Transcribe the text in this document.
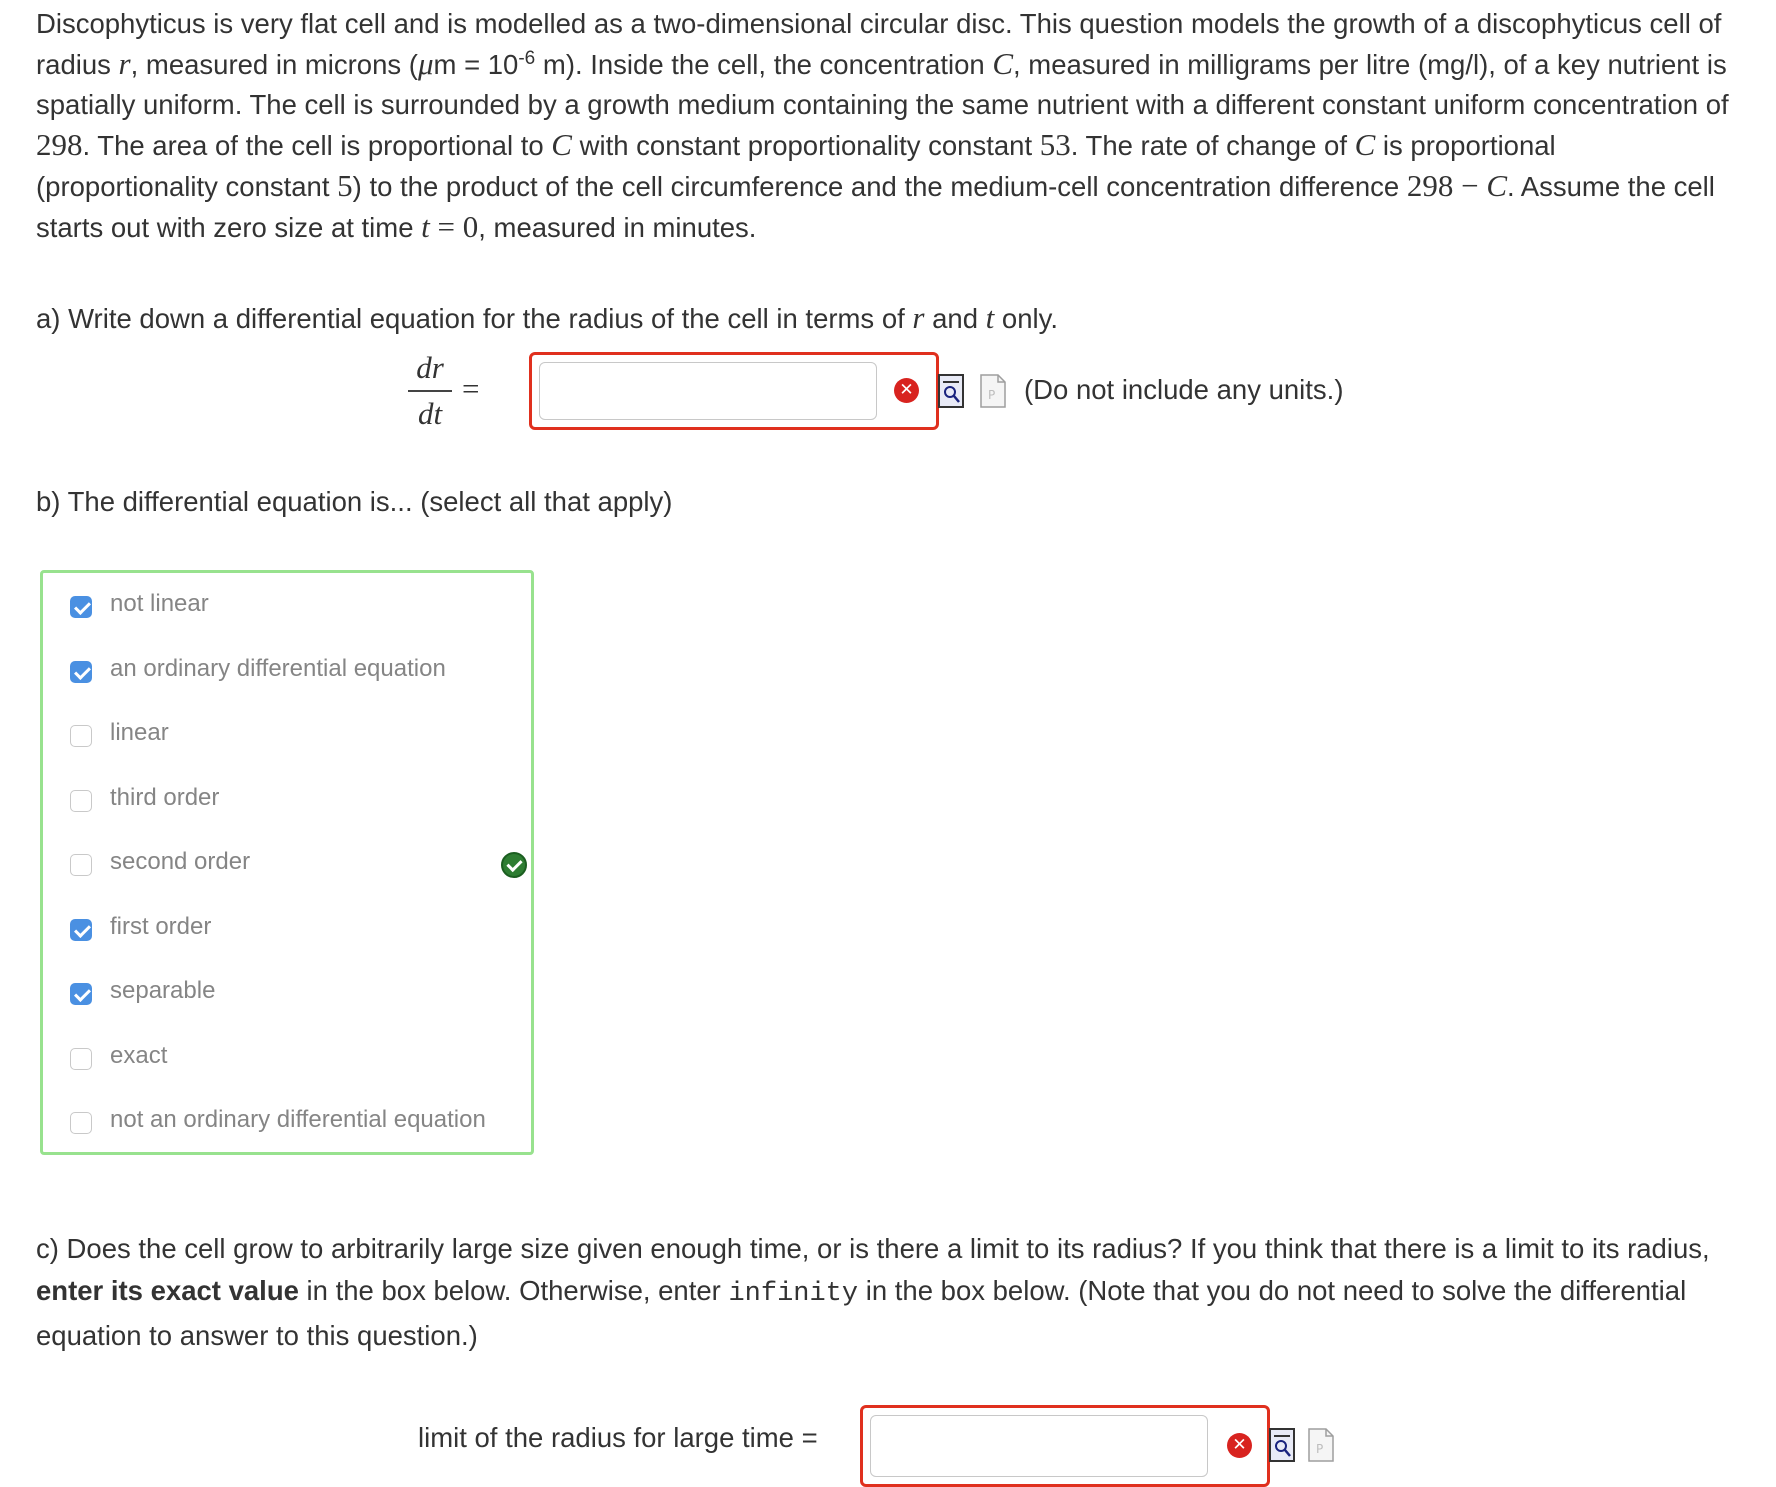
Discophyticus is very flat cell and is modelled as a two-dimensional circular disc. This question models the growth of a discophyticus cell of radius r, measured in microns ($\mu m = 10^{-6}$ m). Inside the cell, the concentration C, measured in milligrams per litre (mg/l), of a key nutrient is spatially uniform. The cell is surrounded by a growth medium containing the same nutrient with a different constant uniform concentration of 298. The area of the cell is proportional to C with constant proportionality constant 53. The rate of change of C is proportional (proportionality constant 5) to the product of the cell circumference and the medium-cell concentration difference 298 − C. Assume the cell starts out with zero size at time t = 0, measured in minutes.
a) Write down a differential equation for the radius of the cell in terms of r and t only.
dr
dt
=	✕	P (Do not include any units.)
b) The differential equation is... (select all that apply)
not linear
an ordinary differential equation
linear
third order
second order
first order
separable
exact
not an ordinary differential equation
c) Does the cell grow to arbitrarily large size given enough time, or is there a limit to its radius? If you think that there is a limit to its radius, enter its exact value in the box below. Otherwise, enter infinity in the box below. (Note that you do not need to solve the differential equation to answer to this question.)
limit of the radius for large time =	✕	P
